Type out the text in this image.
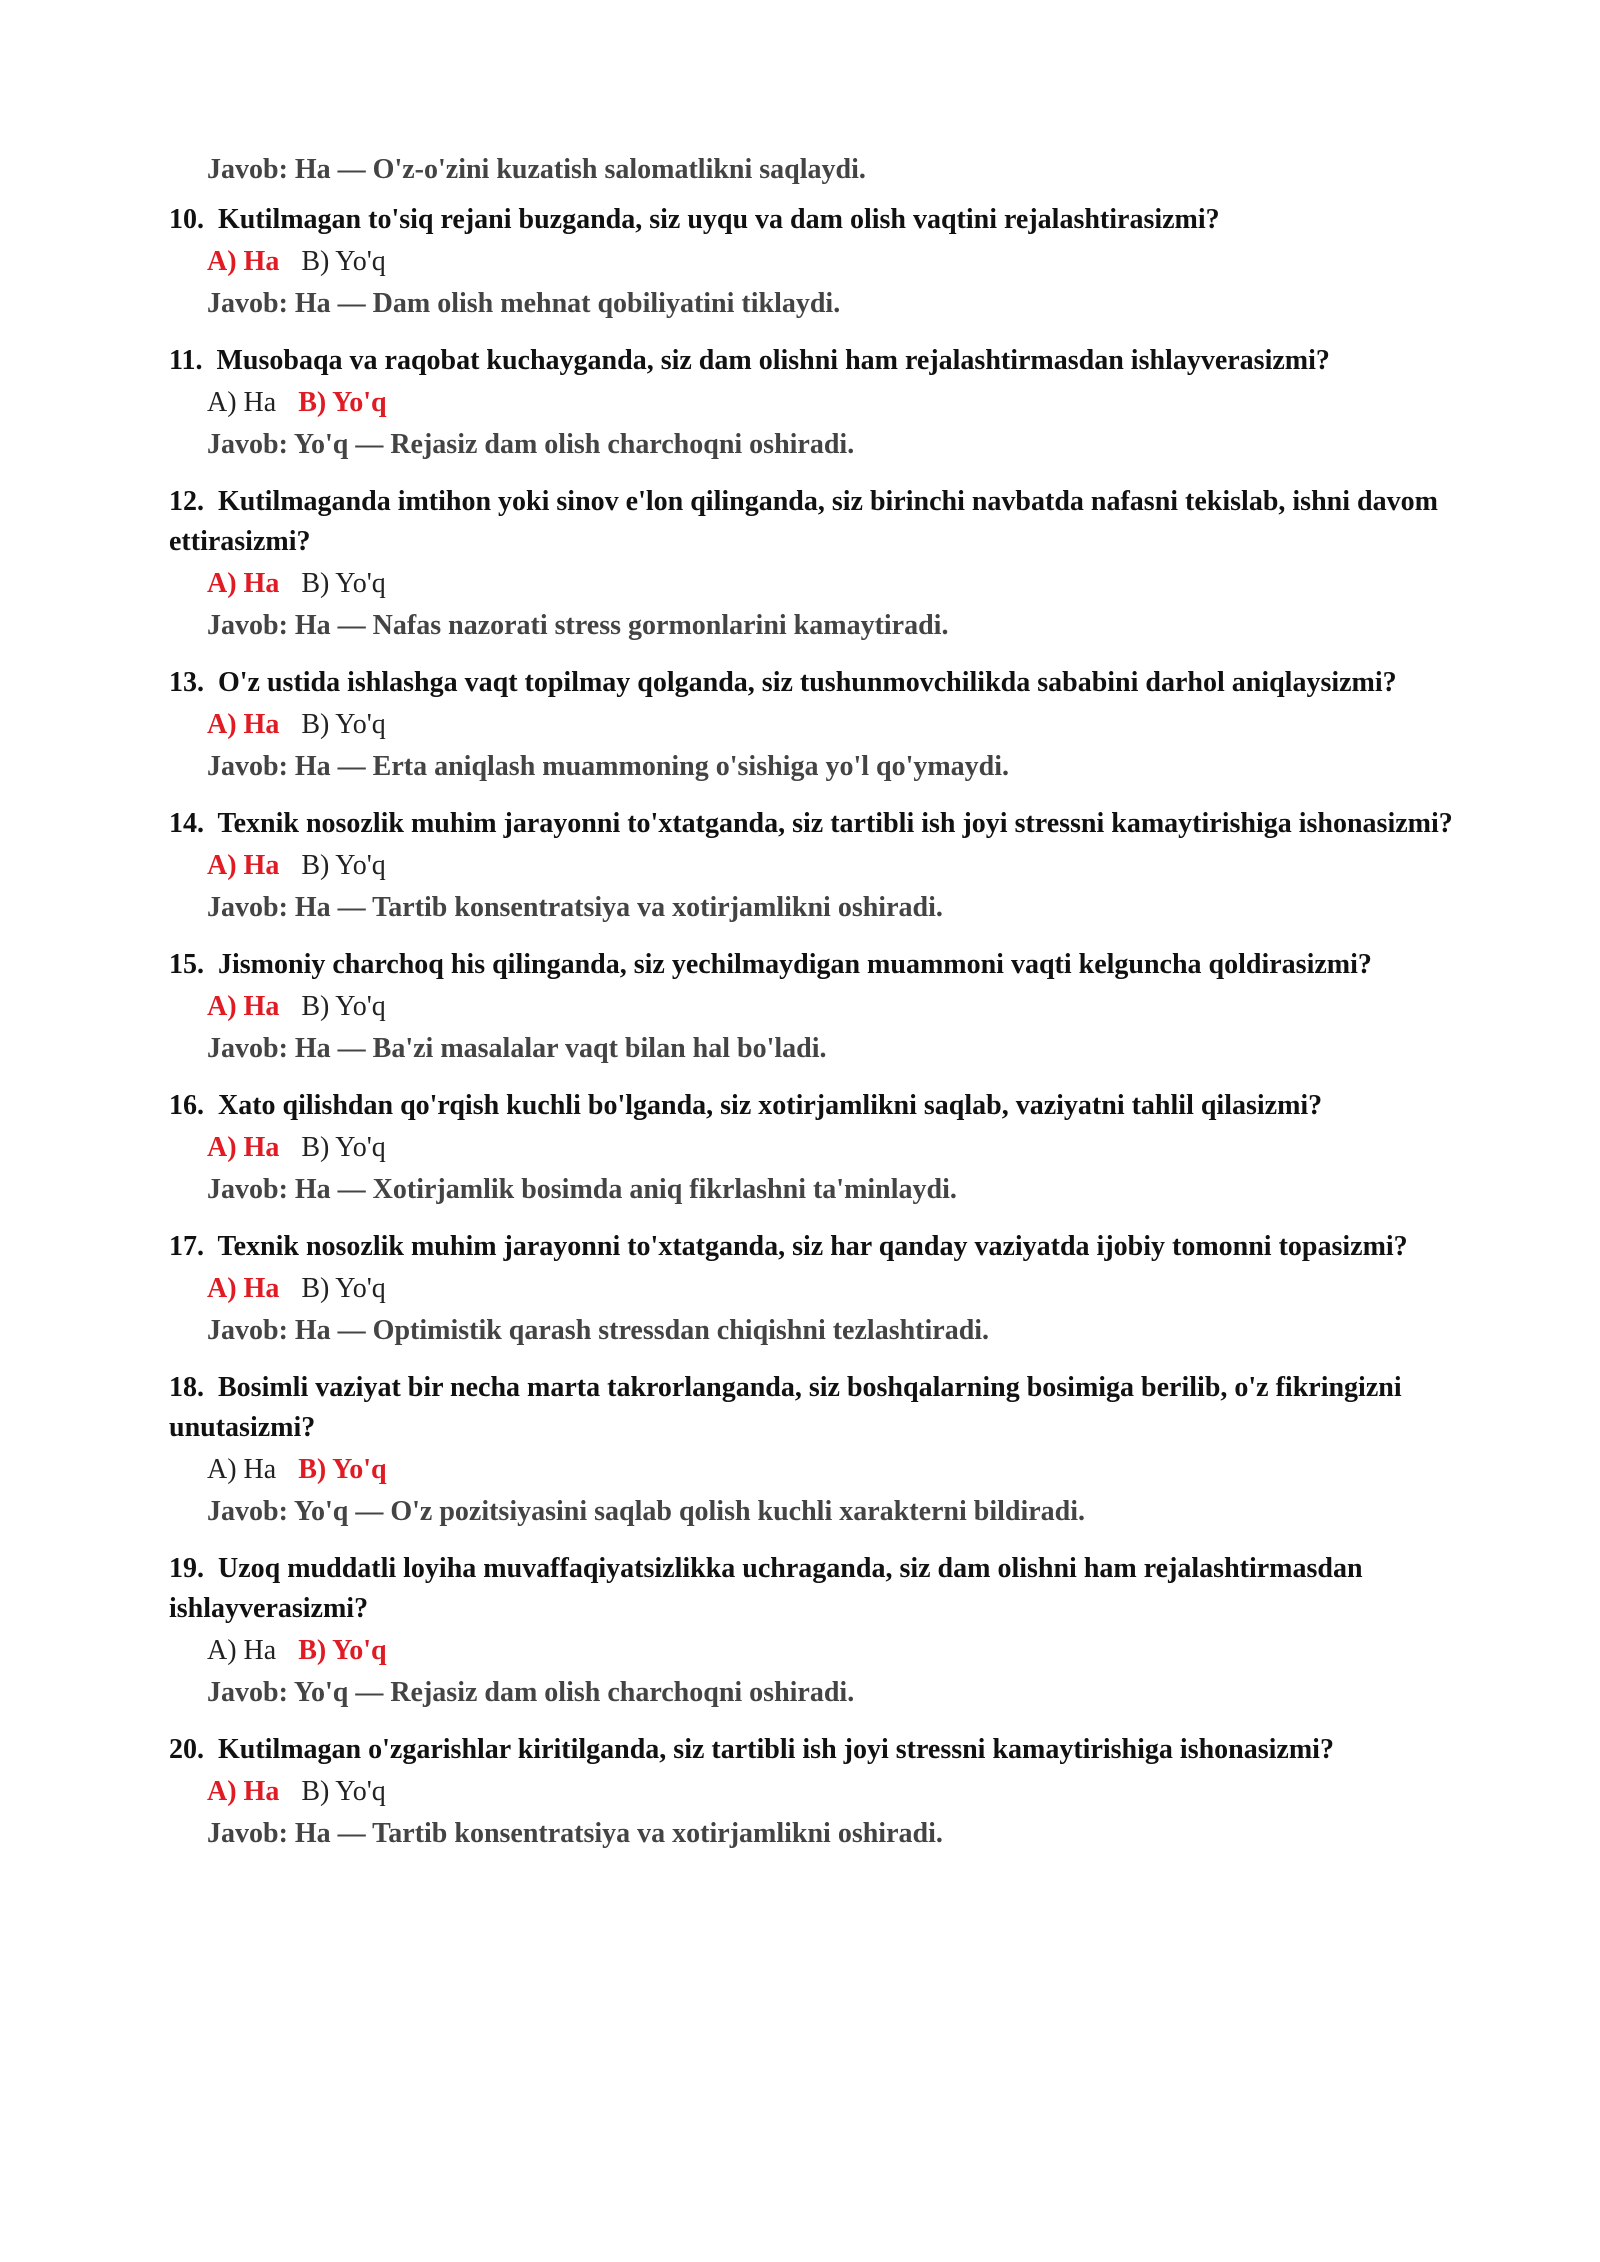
Javob: Ha — O'z-o'zini kuzatish salomatlikni saqlaydi.
10. Kutilmagan to'siq rejani buzganda, siz uyqu va dam olish vaqtini rejalashtirasizmi?
A) Ha B) Yo'q
Javob: Ha — Dam olish mehnat qobiliyatini tiklaydi.
11. Musobaqa va raqobat kuchayganda, siz dam olishni ham rejalashtirmasdan ishlayverasizmi?
A) Ha B) Yo'q
Javob: Yo'q — Rejasiz dam olish charchoqni oshiradi.
12. Kutilmaganda imtihon yoki sinov e'lon qilinganda, siz birinchi navbatda nafasni tekislab, ishni davom ettirasizmi?
A) Ha B) Yo'q
Javob: Ha — Nafas nazorati stress gormonlarini kamaytiradi.
13. O'z ustida ishlashga vaqt topilmay qolganda, siz tushunmovchilikda sababini darhol aniqlaysizmi?
A) Ha B) Yo'q
Javob: Ha — Erta aniqlash muammoning o'sishiga yo'l qo'ymaydi.
14. Texnik nosozlik muhim jarayonni to'xtatganda, siz tartibli ish joyi stressni kamaytirishiga ishonasizmi?
A) Ha B) Yo'q
Javob: Ha — Tartib konsentratsiya va xotirjamlikni oshiradi.
15. Jismoniy charchoq his qilinganda, siz yechilmaydigan muammoni vaqti kelguncha qoldirasizmi?
A) Ha B) Yo'q
Javob: Ha — Ba'zi masalalar vaqt bilan hal bo'ladi.
16. Xato qilishdan qo'rqish kuchli bo'lganda, siz xotirjamlikni saqlab, vaziyatni tahlil qilasizmi?
A) Ha B) Yo'q
Javob: Ha — Xotirjamlik bosimda aniq fikrlashni ta'minlaydi.
17. Texnik nosozlik muhim jarayonni to'xtatganda, siz har qanday vaziyatda ijobiy tomonni topasizmi?
A) Ha B) Yo'q
Javob: Ha — Optimistik qarash stressdan chiqishni tezlashtiradi.
18. Bosimli vaziyat bir necha marta takrorlanganda, siz boshqalarning bosimiga berilib, o'z fikringizni unutasizmi?
A) Ha B) Yo'q
Javob: Yo'q — O'z pozitsiyasini saqlab qolish kuchli xarakterni bildiradi.
19. Uzoq muddatli loyiha muvaffaqiyatsizlikka uchraganda, siz dam olishni ham rejalashtirmasdan ishlayverasizmi?
A) Ha B) Yo'q
Javob: Yo'q — Rejasiz dam olish charchoqni oshiradi.
20. Kutilmagan o'zgarishlar kiritilganda, siz tartibli ish joyi stressni kamaytirishiga ishonasizmi?
A) Ha B) Yo'q
Javob: Ha — Tartib konsentratsiya va xotirjamlikni oshiradi.
